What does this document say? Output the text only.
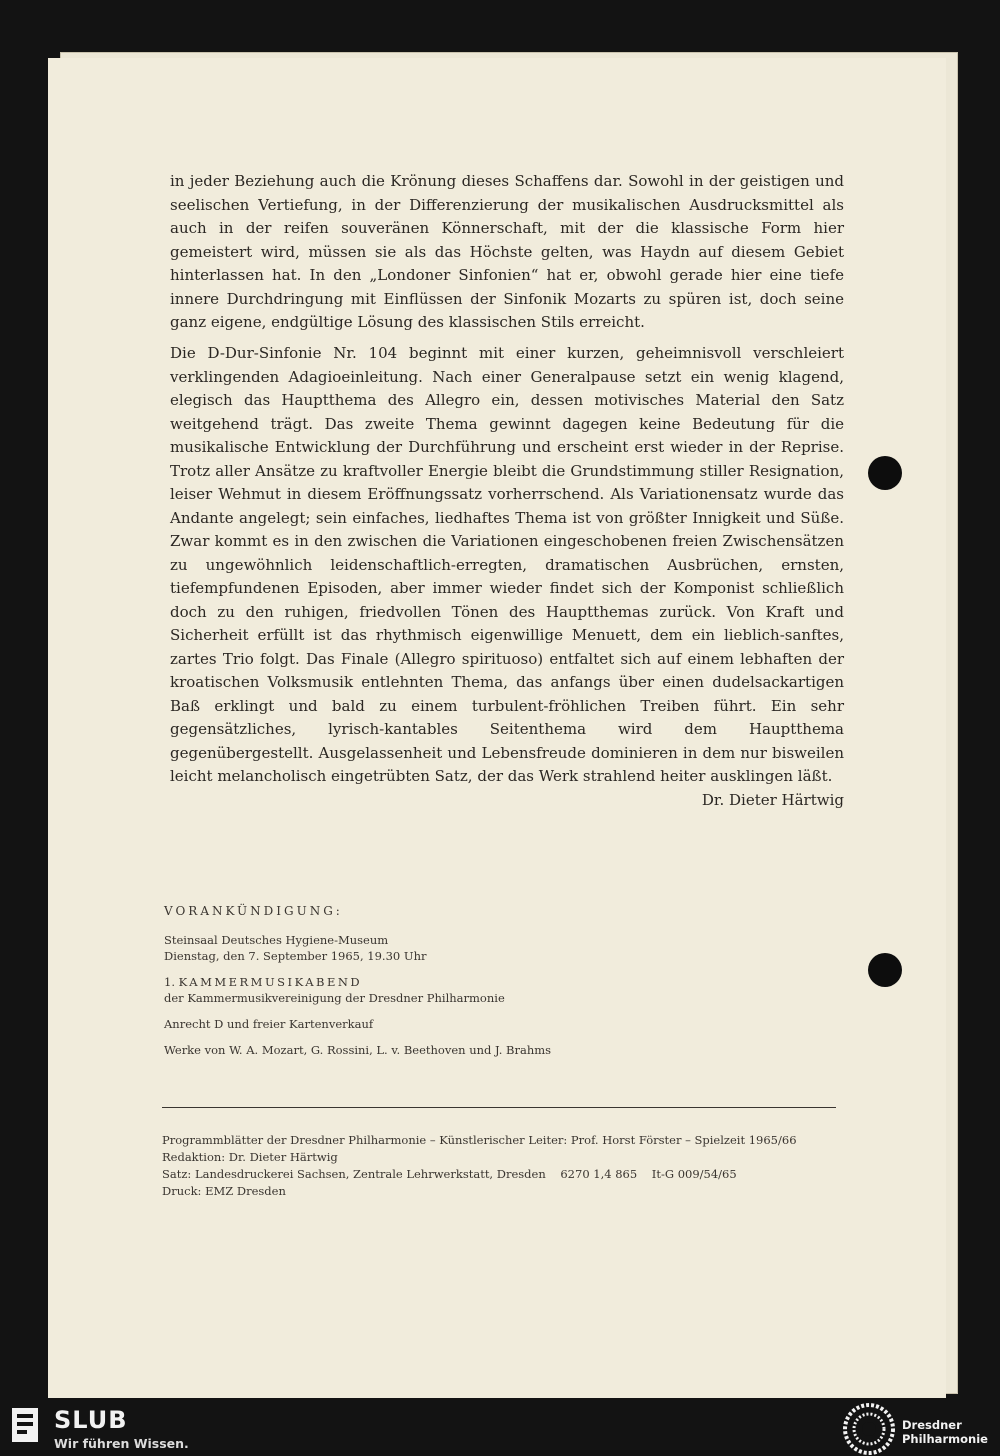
in jeder Beziehung auch die Krönung dieses Schaffens dar. Sowohl in der geistigen und seelischen Vertiefung, in der Differenzierung der musikalischen Ausdrucksmittel als auch in der reifen souveränen Könnerschaft, mit der die klassische Form hier gemeistert wird, müssen sie als das Höchste gelten, was Haydn auf diesem Gebiet hinterlassen hat. In den „Londoner Sinfonien“ hat er, obwohl gerade hier eine tiefe innere Durchdringung mit Einflüssen der Sinfonik Mozarts zu spüren ist, doch seine ganz eigene, endgültige Lösung des klassischen Stils erreicht.

Die D-Dur-Sinfonie Nr. 104 beginnt mit einer kurzen, geheimnisvoll verschleiert verklingenden Adagioeinleitung. Nach einer Generalpause setzt ein wenig klagend, elegisch das Hauptthema des Allegro ein, dessen motivisches Material den Satz weitgehend trägt. Das zweite Thema gewinnt dagegen keine Bedeutung für die musikalische Entwicklung der Durchführung und erscheint erst wieder in der Reprise. Trotz aller Ansätze zu kraftvoller Energie bleibt die Grundstimmung stiller Resignation, leiser Wehmut in diesem Eröffnungssatz vorherrschend. Als Variationensatz wurde das Andante angelegt; sein einfaches, liedhaftes Thema ist von größter Innigkeit und Süße. Zwar kommt es in den zwischen die Variationen eingeschobenen freien Zwischensätzen zu ungewöhnlich leidenschaftlich-erregten, dramatischen Ausbrüchen, ernsten, tiefempfundenen Episoden, aber immer wieder findet sich der Komponist schließlich doch zu den ruhigen, friedvollen Tönen des Hauptthemas zurück. Von Kraft und Sicherheit erfüllt ist das rhythmisch eigenwillige Menuett, dem ein lieblich-sanftes, zartes Trio folgt. Das Finale (Allegro spirituoso) entfaltet sich auf einem lebhaften der kroatischen Volksmusik entlehnten Thema, das anfangs über einen dudelsackartigen Baß erklingt und bald zu einem turbulent-fröhlichen Treiben führt. Ein sehr gegensätzliches, lyrisch-kantables Seitenthema wird dem Hauptthema gegenübergestellt. Ausgelassenheit und Lebensfreude dominieren in dem nur bisweilen leicht melancholisch eingetrübten Satz, der das Werk strahlend heiter ausklingen läßt.
Dr. Dieter Härtwig

VORANKÜNDIGUNG:
Steinsaal Deutsches Hygiene-Museum
Dienstag, den 7. September 1965, 19.30 Uhr
1. KAMMERMUSIKABEND
der Kammermusikvereinigung der Dresdner Philharmonie
Anrecht D und freier Kartenverkauf
Werke von W. A. Mozart, G. Rossini, L. v. Beethoven und J. Brahms
Programmblätter der Dresdner Philharmonie – Künstlerischer Leiter: Prof. Horst Förster – Spielzeit 1965/66
Redaktion: Dr. Dieter Härtwig
Satz: Landesdruckerei Sachsen, Zentrale Lehrwerkstatt, Dresden    6270 1,4 865    It-G 009/54/65
Druck: EMZ Dresden
SLUB
Wir führen Wissen.
Dresdner
Philharmonie
